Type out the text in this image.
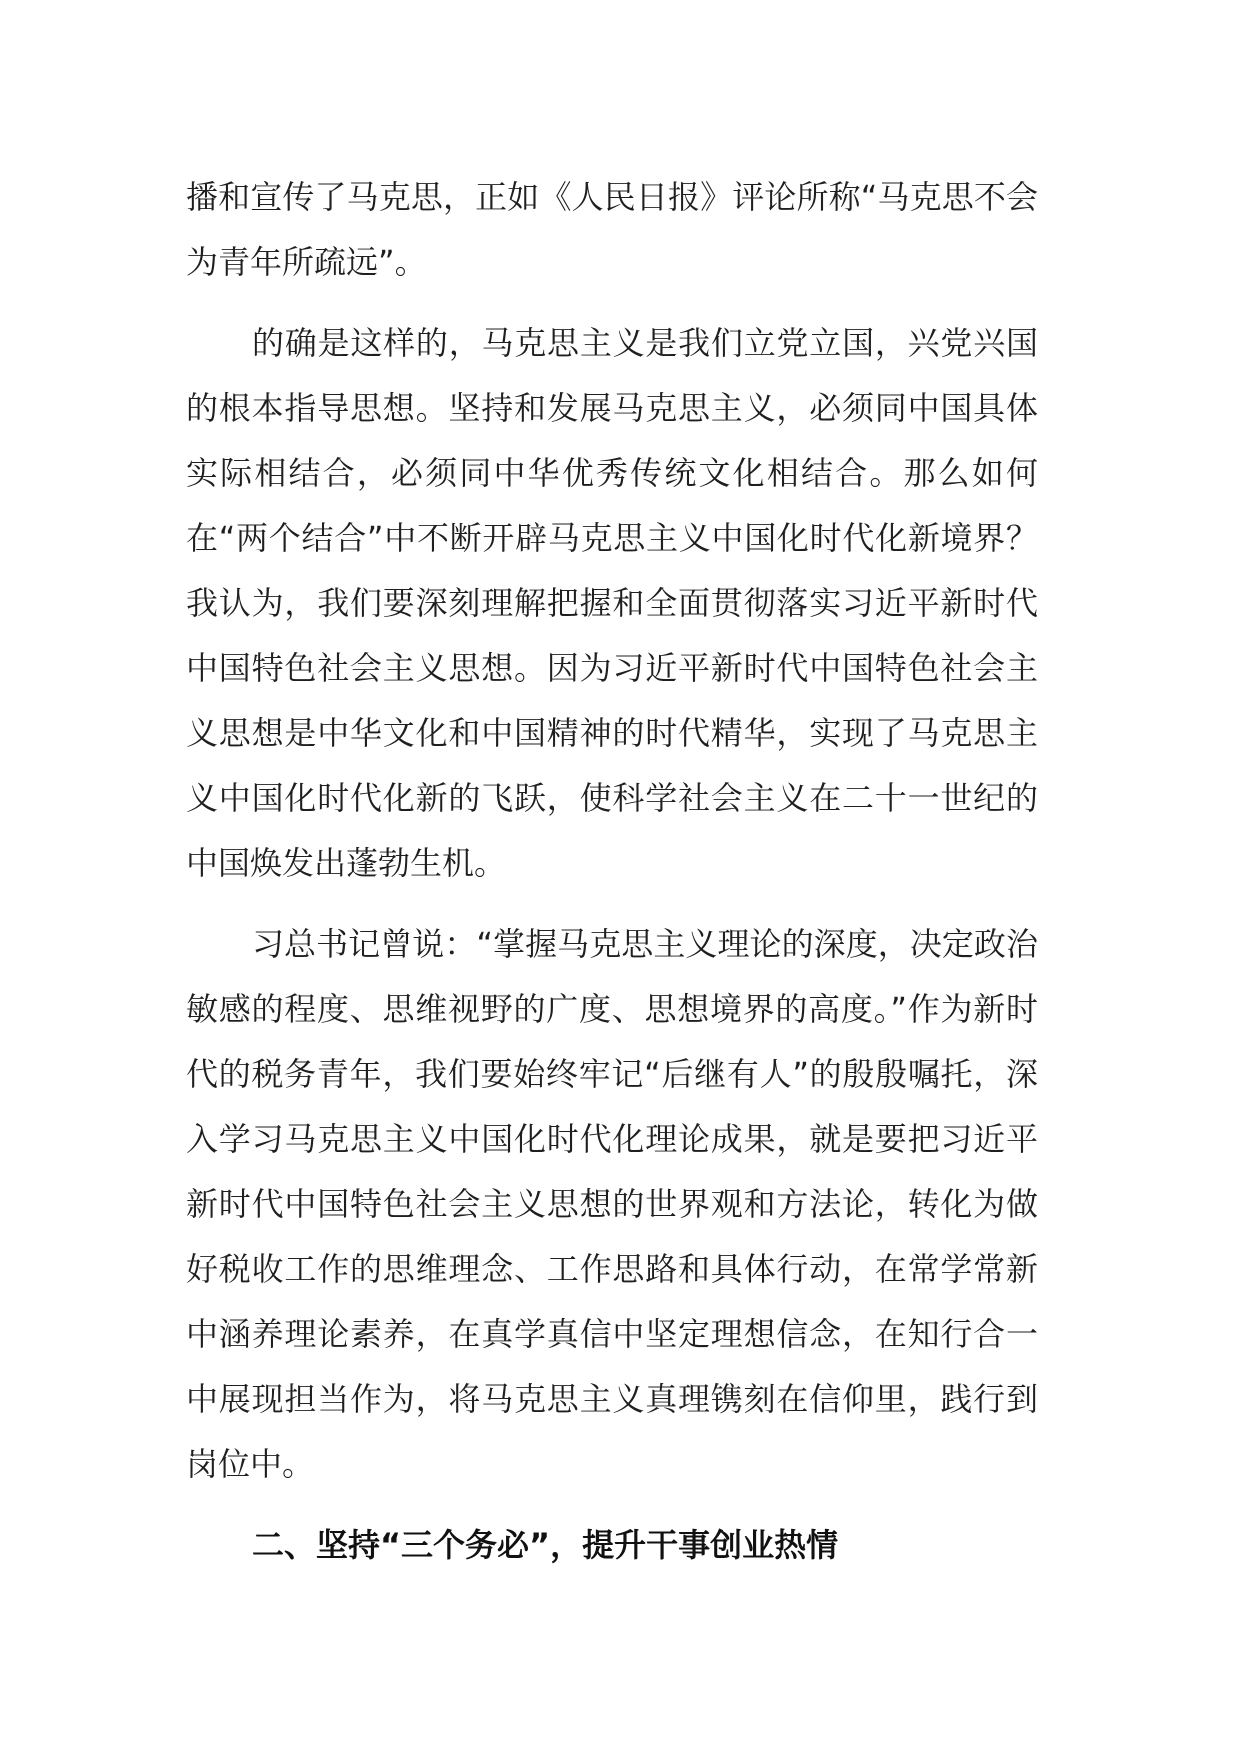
播和宣传了马克思，正如《人民日报》评论所称“马克思不会为青年所疏远”。

的确是这样的，马克思主义是我们立党立国，兴党兴国的根本指导思想。坚持和发展马克思主义，必须同中国具体实际相结合，必须同中华优秀传统文化相结合。那么如何在“两个结合”中不断开辟马克思主义中国化时代化新境界？我认为，我们要深刻理解把握和全面贯彻落实习近平新时代中国特色社会主义思想。因为习近平新时代中国特色社会主义思想是中华文化和中国精神的时代精华，实现了马克思主义中国化时代化新的飞跃，使科学社会主义在二十一世纪的中国焕发出蓬勃生机。

习总书记曾说：“掌握马克思主义理论的深度，决定政治敏感的程度、思维视野的广度、思想境界的高度。”作为新时代的税务青年，我们要始终牢记“后继有人”的殷殷嘱托，深入学习马克思主义中国化时代化理论成果，就是要把习近平新时代中国特色社会主义思想的世界观和方法论，转化为做好税收工作的思维理念、工作思路和具体行动，在常学常新中涵养理论素养，在真学真信中坚定理想信念，在知行合一中展现担当作为，将马克思主义真理镌刻在信仰里，践行到岗位中。

二、坚持“三个务必”，提升干事创业热情
